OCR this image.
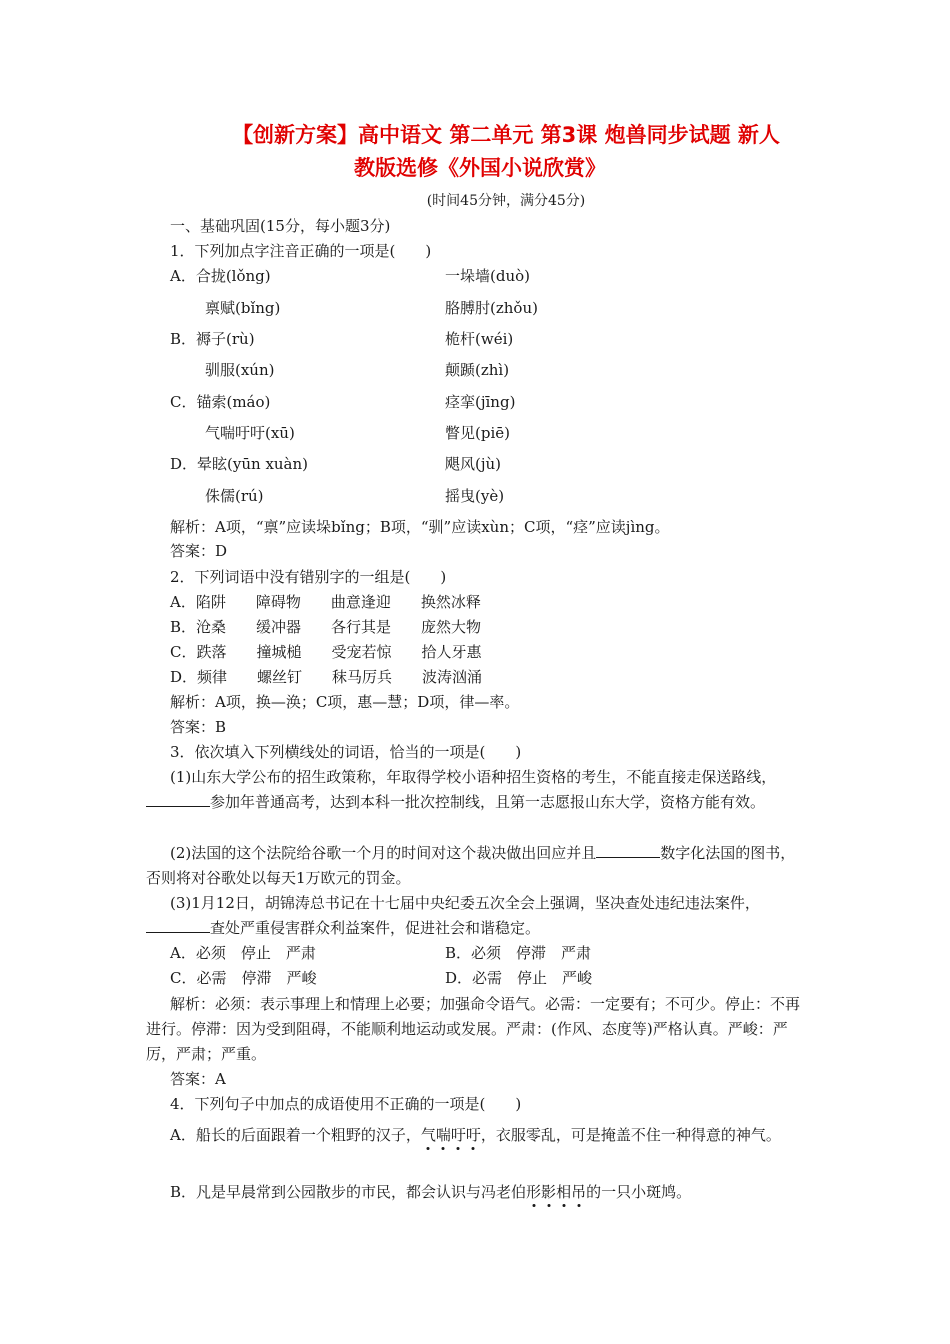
【创新方案】高中语文 第二单元 第3课 炮兽同步试题 新人
教版选修《外国小说欣赏》
(时间45分钟，满分45分)
一、基础巩固(15分，每小题3分)
1．下列加点字注音正确的一项是(　　)
A．合拢(lǒng)	一垛墙(duò)
禀赋(bǐng)	胳膊肘(zhǒu)
B．褥子(rù)	桅杆(wéi)
驯服(xún)	颠踬(zhì)
C．锚索(máo)	痉挛(jīng)
气喘吁吁(xū)	瞥见(piē)
D．晕眩(yūn xuàn)	飓风(jù)
侏儒(rú)	摇曳(yè)
解析：A项，“禀”应读垛bǐng；B项，“驯”应读xùn；C项，“痉”应读jìng。
答案：D
2．下列词语中没有错别字的一组是(　　)
A．陷阱　　障碍物　　曲意逢迎　　换然冰释
B．沧桑　　缓冲器　　各行其是　　庞然大物
C．跌落　　撞城槌　　受宠若惊　　拾人牙惠
D．频律　　螺丝钉　　秣马厉兵　　波涛汹涌
解析：A项，换—涣；C项，惠—慧；D项，律—率。
答案：B
3．依次填入下列横线处的词语，恰当的一项是(　　)
(1)山东大学公布的招生政策称，年取得学校小语种招生资格的考生，不能直接走保送路线，参加年普通高考，达到本科一批次控制线，且第一志愿报山东大学，资格方能有效。
(2)法国的这个法院给谷歌一个月的时间对这个裁决做出回应并且	数字化法国的图书，否则将对谷歌处以每天1万欧元的罚金。
(3)1月12日，胡锦涛总书记在十七届中央纪委五次全会上强调，坚决查处违纪违法案件，查处严重侵害群众利益案件，促进社会和谐稳定。
A．必须　停止　严肃	B．必须　停滞　严肃
C．必需　停滞　严峻	D．必需　停止　严峻
解析：必须：表示事理上和情理上必要；加强命令语气。必需：一定要有；不可少。停止：不再进行。停滞：因为受到阻碍，不能顺利地运动或发展。严肃：(作风、态度等)严格认真。严峻：严厉，严肃；严重。
答案：A
4．下列句子中加点的成语使用不正确的一项是(　　)
A．船长的后面跟着一个粗野的汉子，气喘吁吁，衣服零乱，可是掩盖不住一种得意的神气。
B．凡是早晨常到公园散步的市民，都会认识与冯老伯形影相吊的一只小斑鸠。
